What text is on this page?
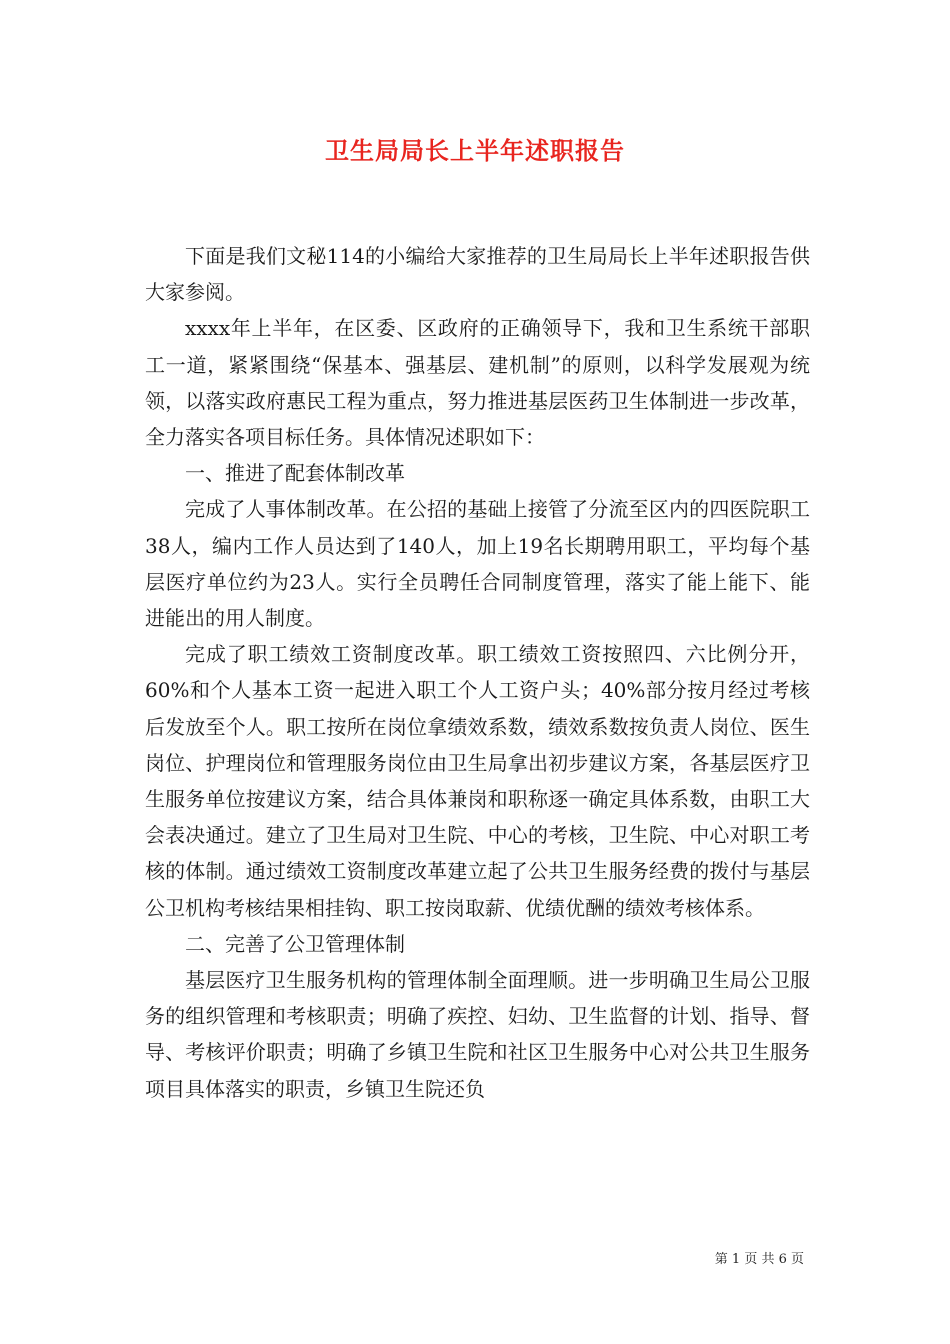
卫生局局长上半年述职报告

下面是我们文秘114的小编给大家推荐的卫生局局长上半年述职报告供大家参阅。

xxxx年上半年，在区委、区政府的正确领导下，我和卫生系统干部职工一道，紧紧围绕“保基本、强基层、建机制”的原则，以科学发展观为统领，以落实政府惠民工程为重点，努力推进基层医药卫生体制进一步改革，全力落实各项目标任务。具体情况述职如下：

一、推进了配套体制改革

完成了人事体制改革。在公招的基础上接管了分流至区内的四医院职工38人，编内工作人员达到了140人，加上19名长期聘用职工，平均每个基层医疗单位约为23人。实行全员聘任合同制度管理，落实了能上能下、能进能出的用人制度。

完成了职工绩效工资制度改革。职工绩效工资按照四、六比例分开，60%和个人基本工资一起进入职工个人工资户头；40%部分按月经过考核后发放至个人。职工按所在岗位拿绩效系数，绩效系数按负责人岗位、医生岗位、护理岗位和管理服务岗位由卫生局拿出初步建议方案，各基层医疗卫生服务单位按建议方案，结合具体兼岗和职称逐一确定具体系数，由职工大会表决通过。建立了卫生局对卫生院、中心的考核，卫生院、中心对职工考核的体制。通过绩效工资制度改革建立起了公共卫生服务经费的拨付与基层公卫机构考核结果相挂钩、职工按岗取薪、优绩优酬的绩效考核体系。

二、完善了公卫管理体制

基层医疗卫生服务机构的管理体制全面理顺。进一步明确卫生局公卫服务的组织管理和考核职责；明确了疾控、妇幼、卫生监督的计划、指导、督导、考核评价职责；明确了乡镇卫生院和社区卫生服务中心对公共卫生服务项目具体落实的职责，乡镇卫生院还负

第 1 页 共 6 页
